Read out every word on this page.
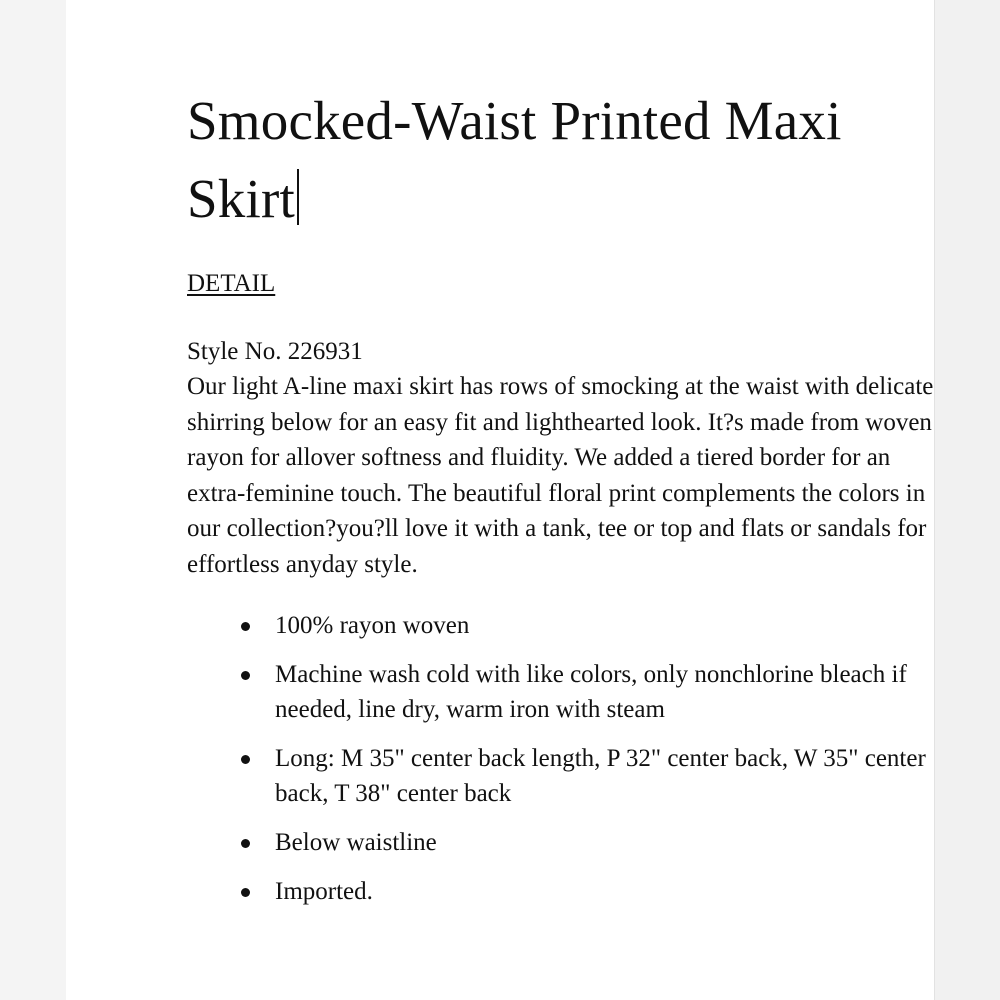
Smocked-Waist Printed Maxi Skirt
DETAIL
Style No. 226931

Our light A-line maxi skirt has rows of smocking at the waist with delicate shirring below for an easy fit and lighthearted look. It?s made from woven rayon for allover softness and fluidity. We added a tiered border for an extra-feminine touch. The beautiful floral print complements the colors in our collection?you?ll love it with a tank, tee or top and flats or sandals for effortless anyday style.

100% rayon woven
Machine wash cold with like colors, only nonchlorine bleach if needed, line dry, warm iron with steam
Long: M 35" center back length, P 32" center back, W 35" center back, T 38" center back
Below waistline
Imported.
